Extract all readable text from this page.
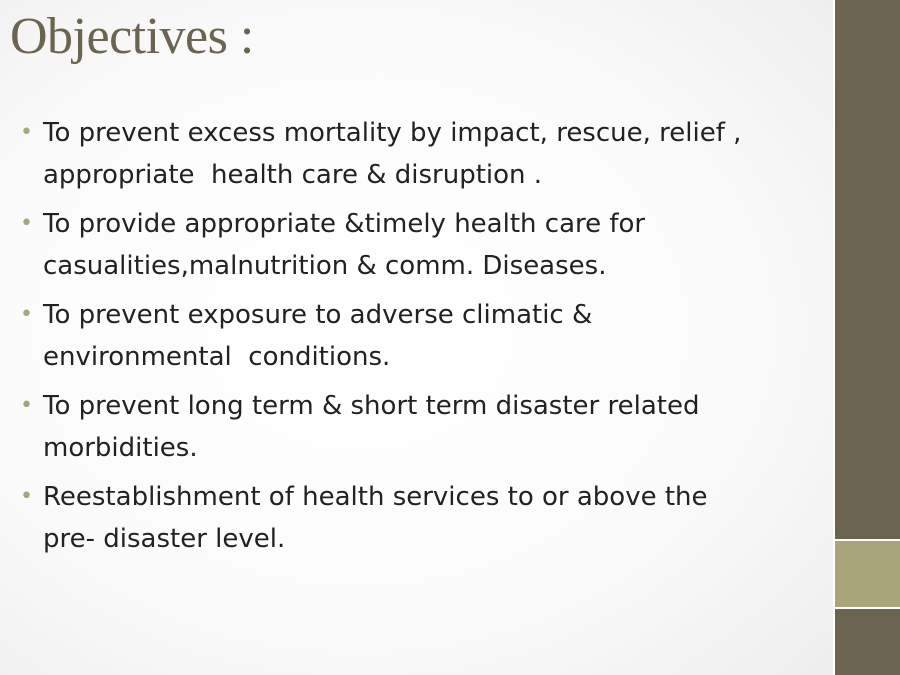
Objectives :
• To prevent excess mortality by impact, rescue, relief ,
appropriate  health care & disruption .
• To provide appropriate &timely health care for
casualities,malnutrition & comm. Diseases.
• To prevent exposure to adverse climatic &
environmental  conditions.
• To prevent long term & short term disaster related
morbidities.
• Reestablishment of health services to or above the
pre- disaster level.
